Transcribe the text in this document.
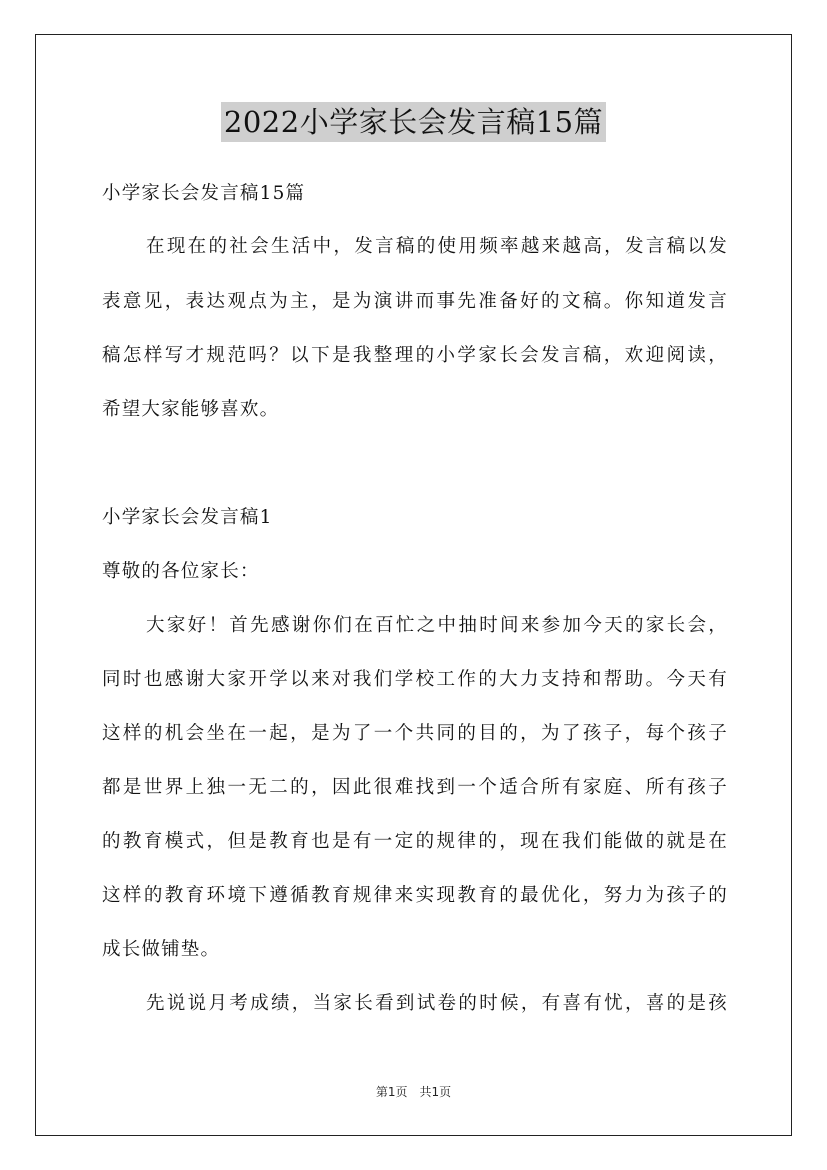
2022小学家长会发言稿15篇
小学家长会发言稿15篇
在现在的社会生活中，发言稿的使用频率越来越高，发言稿以发
表意见，表达观点为主，是为演讲而事先准备好的文稿。你知道发言
稿怎样写才规范吗？以下是我整理的小学家长会发言稿，欢迎阅读，
希望大家能够喜欢。
小学家长会发言稿1
尊敬的各位家长：
大家好！首先感谢你们在百忙之中抽时间来参加今天的家长会，
同时也感谢大家开学以来对我们学校工作的大力支持和帮助。今天有
这样的机会坐在一起，是为了一个共同的目的，为了孩子，每个孩子
都是世界上独一无二的，因此很难找到一个适合所有家庭、所有孩子
的教育模式，但是教育也是有一定的规律的，现在我们能做的就是在
这样的教育环境下遵循教育规律来实现教育的最优化，努力为孩子的
成长做铺垫。
先说说月考成绩，当家长看到试卷的时候，有喜有忧，喜的是孩
第1页　共1页
